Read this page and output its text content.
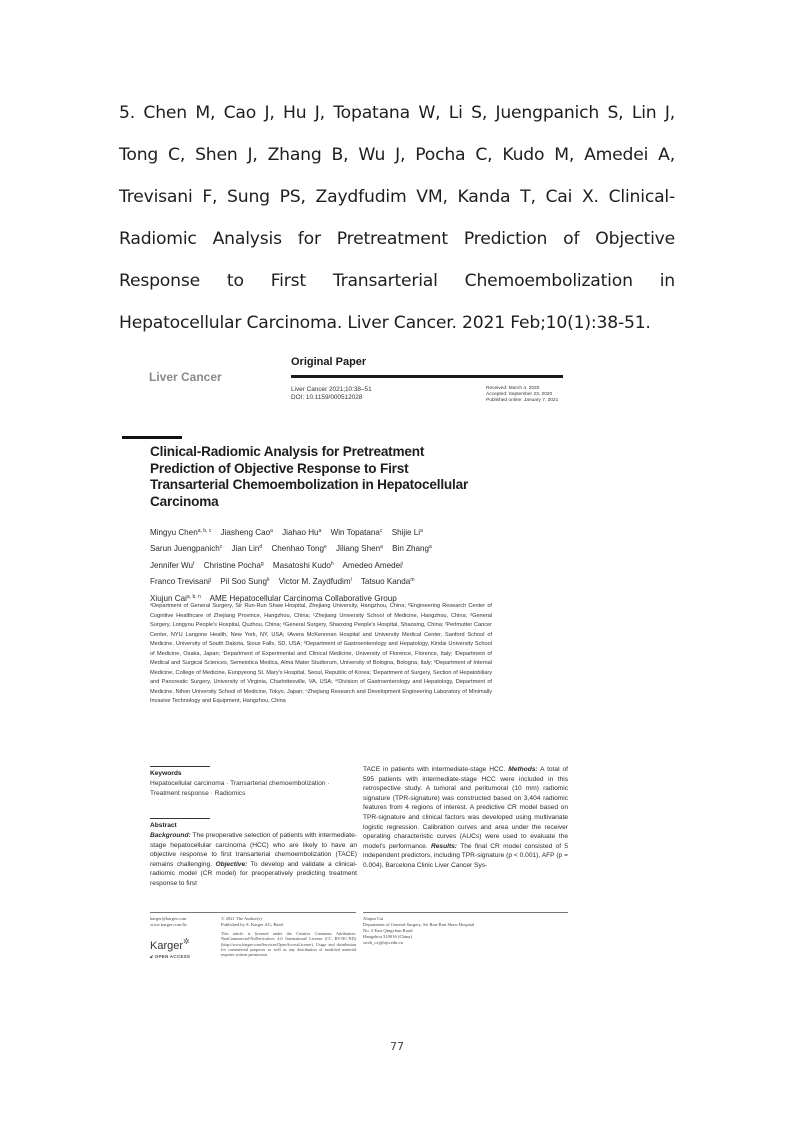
5. Chen M, Cao J, Hu J, Topatana W, Li S, Juengpanich S, Lin J, Tong C, Shen J, Zhang B, Wu J, Pocha C, Kudo M, Amedei A, Trevisani F, Sung PS, Zaydfudim VM, Kanda T, Cai X. Clinical-Radiomic Analysis for Pretreatment Prediction of Objective Response to First Transarterial Chemoembolization in Hepatocellular Carcinoma. Liver Cancer. 2021 Feb;10(1):38-51.
Liver Cancer
Original Paper
Liver Cancer 2021;10:38–51
DOI: 10.1159/000512028
Received: March 4, 2020
Accepted: September 23, 2020
Published online: January 7, 2021
Clinical-Radiomic Analysis for Pretreatment Prediction of Objective Response to First Transarterial Chemoembolization in Hepatocellular Carcinoma
Mingyu Chen$^{a, b, c}$ Jiasheng Cao$^a$ Jiahao Hu$^a$ Win Topatana$^c$ Shijie Li$^a$
Sarun Juengpanich$^c$ Jian Lin$^d$ Chenhao Tong$^e$ Jiliang Shen$^a$ Bin Zhang$^a$
Jennifer Wu$^f$ Christine Pocha$^g$ Masatoshi Kudo$^h$ Amedeo Amedei$^i$
Franco Trevisani$^j$ Pil Soo Sung$^k$ Victor M. Zaydfudim$^l$ Tatsuo Kanda$^m$
Xiujun Cai$^{a, b, n}$ AME Hepatocellular Carcinoma Collaborative Group
ᵃDepartment of General Surgery, Sir Run-Run Shaw Hospital, Zhejiang University, Hangzhou, China; ᵇEngineering Research Center of Cognitive Healthcare of Zhejiang Province, Hangzhou, China; ᶜZhejiang University School of Medicine, Hangzhou, China; ᵈGeneral Surgery, Longyou People's Hospital, Quzhou, China; ᵉGeneral Surgery, Shaoxing People's Hospital, Shaoxing, China; ᶠPerlmutter Cancer Center, NYU Langone Health, New York, NY, USA; ᵍAvera McKennnan Hospital and University Medical Center, Sanford School of Medicine, University of South Dakota, Sioux Falls, SD, USA; ʰDepartment of Gastroenterology and Hepatology, Kindai University School of Medicine, Osaka, Japan; ⁱDepartment of Experimental and Clinical Medicine, University of Florence, Florence, Italy; ʲDepartment of Medical and Surgical Sciences, Semeiotica Medica, Alma Mater Studiorum, University of Bologna, Bologna, Italy; ᵏDepartment of Internal Medicine, College of Medicine, Eunpyeong St. Mary's Hospital, Seoul, Republic of Korea; ˡDepartment of Surgery, Section of Hepatobiliary and Pancreatic Surgery, University of Virginia, Charlottesville, VA, USA; ᵐDivision of Gastroenterology and Hepatology, Department of Medicine, Nihon University School of Medicine, Tokyo, Japan; ⁿZhejiang Research and Development Engineering Laboratory of Minimally Invasive Technology and Equipment, Hangzhou, China
Keywords
Hepatocellular carcinoma · Transarterial chemoembolization · Treatment response · Radiomics
Abstract
Background: The preoperative selection of patients with intermediate-stage hepatocellular carcinoma (HCC) who are likely to have an objective response to first transarterial chemoembolization (TACE) remains challenging. Objective: To develop and validate a clinical-radiomic model (CR model) for preoperatively predicting treatment response to first
TACE in patients with intermediate-stage HCC. Methods: A total of 595 patients with intermediate-stage HCC were included in this retrospective study. A tumoral and peritumoral (10 mm) radiomic signature (TPR-signature) was constructed based on 3,404 radiomic features from 4 regions of interest. A predictive CR model based on TPR-signature and clinical factors was developed using multivariate logistic regression. Calibration curves and area under the receiver operating characteristic curves (AUCs) were used to evaluate the model's performance. Results: The final CR model consisted of 5 independent predictors, including TPR-signature (p < 0.001), AFP (p = 0.004), Barcelona Clinic Liver Cancer Sys-
karger@karger.com
www.karger.com/lic
© 2021 The Author(s)
Published by S. Karger AG, Basel
This article is licensed under the Creative Commons Attribution-NonCommercial-NoDerivatives 4.0 International License (CC BY-NC-ND) (http://www.karger.com/Services/OpenAccessLicense). Usage and distribution for commercial purposes as well as any distribution of modified material requires written permission.
Karger✲
🔓︎ OPEN ACCESS
Xiujun Cai
Department of General Surgery, Sir Run-Run Shaw Hospital
No. 3 East Qingchun Road
Hangzhou 310016 (China)
srrsh_cxj@zju.edu.cn
77
